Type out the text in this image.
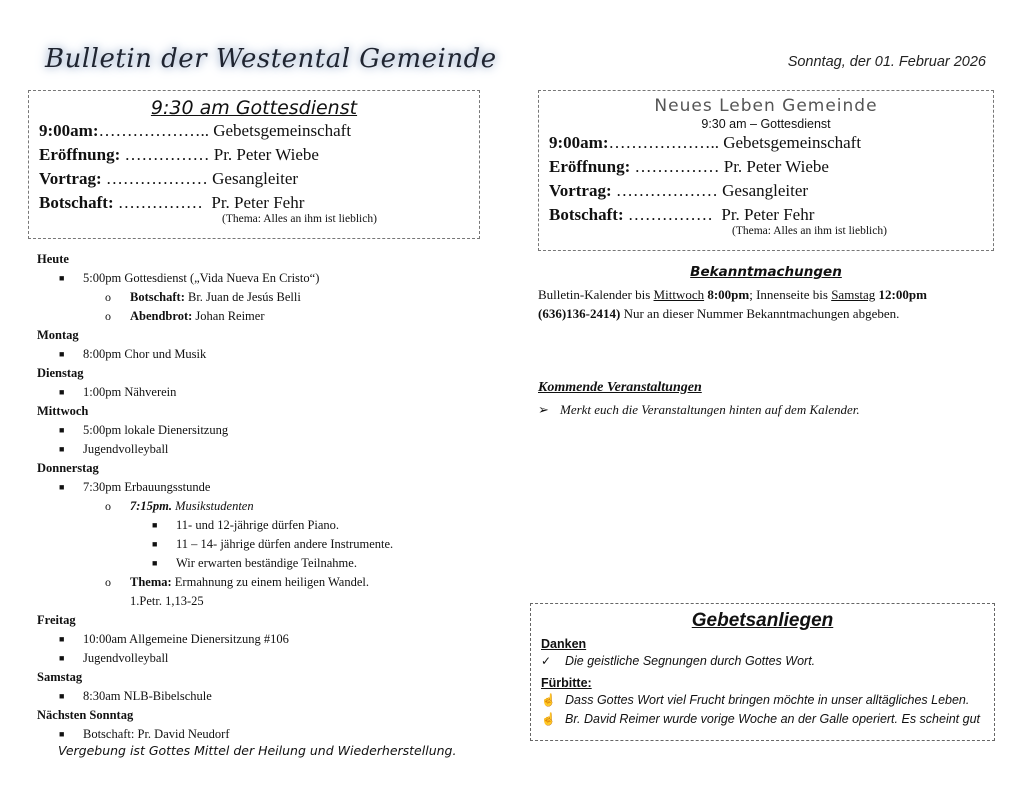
Bulletin der Westental Gemeinde	Sonntag, der 01. Februar 2026
9:30 am Gottesdienst
9:00am:……………….. Gebetsgemeinschaft
Eröffnung: …………… Pr. Peter Wiebe
Vortrag: ……………… Gesangleiter
Botschaft: …………… Pr. Peter Fehr
(Thema: Alles an ihm ist lieblich)
Neues Leben Gemeinde
9:30 am – Gottesdienst
9:00am:……………….. Gebetsgemeinschaft
Eröffnung: …………… Pr. Peter Wiebe
Vortrag: ……………… Gesangleiter
Botschaft: …………… Pr. Peter Fehr
(Thema: Alles an ihm ist lieblich)
Heute
■ 5:00pm Gottesdienst („Vida Nueva En Cristo“)
o Botschaft: Br. Juan de Jesús Belli
o Abendbrot: Johan Reimer
Montag
■ 8:00pm Chor und Musik
Dienstag
■ 1:00pm Nähverein
Mittwoch
■ 5:00pm lokale Dienersitzung
■ Jugendvolleyball
Donnerstag
■ 7:30pm Erbauungsstunde
o 7:15pm. Musikstudenten
■ 11- und 12-jährige dürfen Piano.
■ 11 – 14- jährige dürfen andere Instrumente.
■ Wir erwarten beständige Teilnahme.
o Thema: Ermahnung zu einem heiligen Wandel.
1.Petr. 1,13-25
Freitag
■ 10:00am Allgemeine Dienersitzung #106
■ Jugendvolleyball
Samstag
■ 8:30am NLB-Bibelschule
Nächsten Sonntag
■ Botschaft: Pr. David Neudorf
Vergebung ist Gottes Mittel der Heilung und Wiederherstellung.
Bekanntmachungen
Bulletin-Kalender bis Mittwoch 8:00pm; Innenseite bis Samstag 12:00pm
(636)136-2414) Nur an dieser Nummer Bekanntmachungen abgeben.
Kommende Veranstaltungen
➢ Merkt euch die Veranstaltungen hinten auf dem Kalender.
Gebetsanliegen
Danken
✓ Die geistliche Segnungen durch Gottes Wort.
Fürbitte:
☝ Dass Gottes Wort viel Frucht bringen möchte in unser alltägliches Leben.
☝ Br. David Reimer wurde vorige Woche an der Galle operiert. Es scheint gut
